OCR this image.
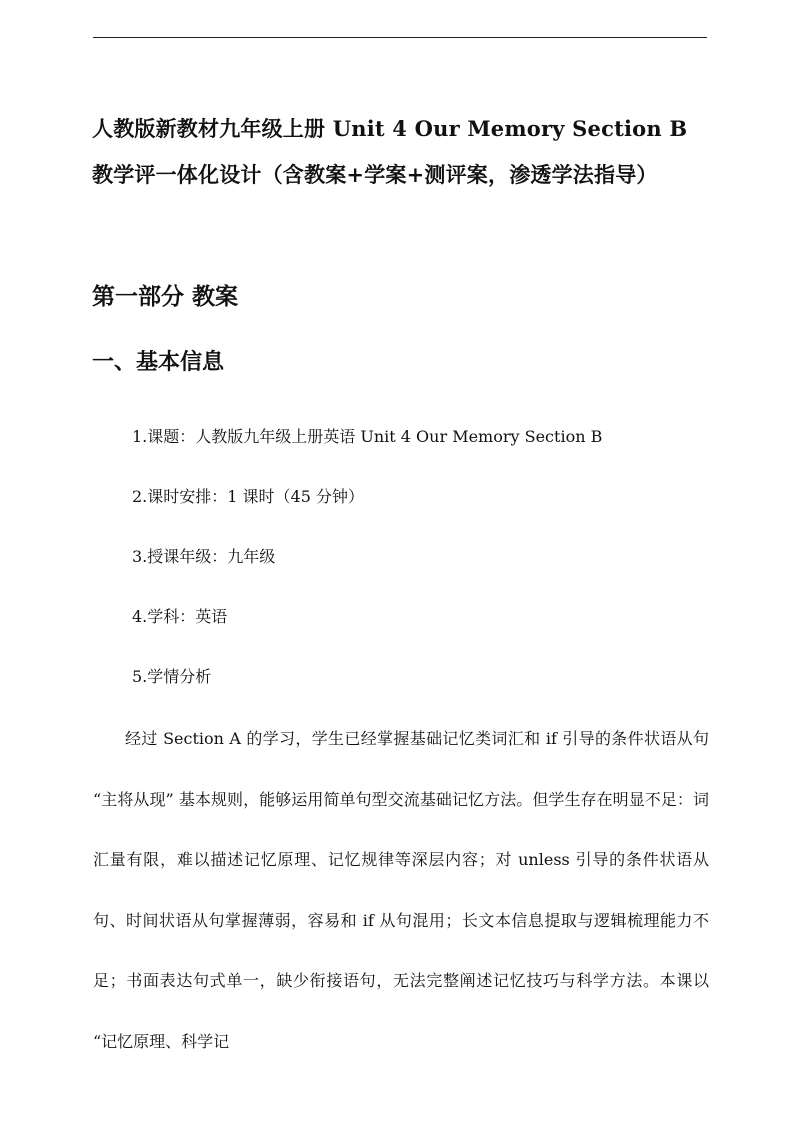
人教版新教材九年级上册 Unit 4 Our Memory Section B
教学评一体化设计（含教案+学案+测评案，渗透学法指导）
第一部分 教案
一、基本信息
1.课题：人教版九年级上册英语 Unit 4 Our Memory Section B
2.课时安排：1 课时（45 分钟）
3.授课年级：九年级
4.学科：英语
5.学情分析

经过 Section A 的学习，学生已经掌握基础记忆类词汇和 if 引导的条件状语从句 “主将从现” 基本规则，能够运用简单句型交流基础记忆方法。但学生存在明显不足：词汇量有限，难以描述记忆原理、记忆规律等深层内容；对 unless 引导的条件状语从句、时间状语从句掌握薄弱，容易和 if 从句混用；长文本信息提取与逻辑梳理能力不足；书面表达句式单一，缺少衔接语句，无法完整阐述记忆技巧与科学方法。本课以 “记忆原理、科学记
